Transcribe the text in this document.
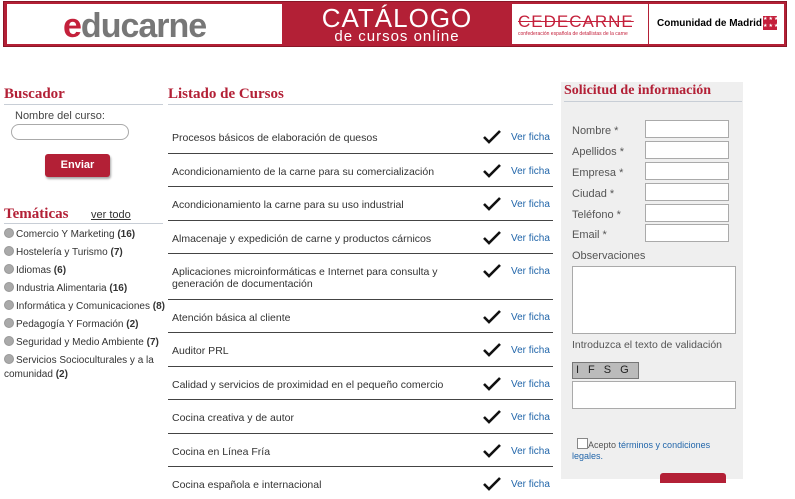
educarne	CATÁLOGO
de cursos online
CEDECARNE
confederación española de detallistas de la carne
Comunidad de Madrid ★★★
★★★
Buscador
Nombre del curso:
Enviar
Temáticas	ver todo
Comercio Y Marketing (16)
Hostelería y Turismo (7)
Idiomas (6)
Industria Alimentaria (16)
Informática y Comunicaciones (8)
Pedagogía Y Formación (2)
Seguridad y Medio Ambiente (7)
Servicios Socioculturales y a la comunidad (2)
Listado de Cursos
Procesos básicos de elaboración de quesos	Ver ficha
Acondicionamiento de la carne para su comercialización	Ver ficha
Acondicionamiento la carne para su uso industrial	Ver ficha
Almacenaje y expedición de carne y productos cárnicos	Ver ficha
Aplicaciones microinformáticas e Internet para consulta y generación de documentación
Ver ficha
Atención básica al cliente	Ver ficha
Auditor PRL	Ver ficha
Calidad y servicios de proximidad en el pequeño comercio	Ver ficha
Cocina creativa y de autor	Ver ficha
Cocina en Línea Fría	Ver ficha
Cocina española e internacional	Ver ficha
Solicitud de información
Nombre *
Apellidos *
Empresa *
Ciudad *
Teléfono *
Email *
Observaciones
Introduzca el texto de validación
IFSG
Acepto términos y condiciones legales.
